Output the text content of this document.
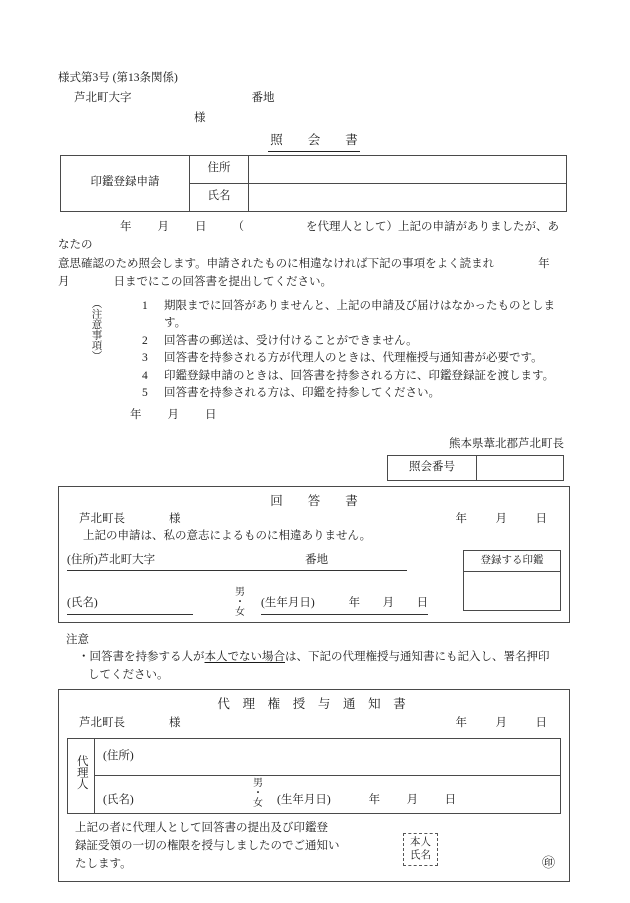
様式第3号 (第13条関係)
芦北町大字	番地
様
照　　会　　書
印鑑登録申請	住所	
	氏名	
年 月 日 （	を代理人として）上記の申請がありましたが、あなたの
意思確認のため照会します。申請されたものに相違なければ下記の事項をよく読まれ	年
月	日までにこの回答書を提出してください。
（注意事項）	1	期限までに回答がありませんと、上記の申請及び届けはなかったものとします。
2	回答書の郵送は、受け付けることができません。
3	回答書を持参される方が代理人のときは、代理権授与通知書が必要です。
4	印鑑登録申請のときは、回答書を持参される方に、印鑑登録証を渡します。
5	回答書を持参される方は、印鑑を持参してください。
年 月 日
熊本県葦北郡芦北町長
照会番号	
回　　答　　書
芦北町長	様	年 月 日
上記の申請は、私の意志によるものに相違ありません。
(住所)芦北町大字	番地
(氏名)
男
・
女
(生年月日)	年 月 日
登録する印鑑
注意
・回答書を持参する人が本人でない場合は、下記の代理権授与通知書にも記入し、署名押印
してください。
代 理 権 授 与 通 知 書
芦北町長	様	年 月 日
代理人	(住所)

(氏名)
男
・
女 (生年月日)	年 月 日
上記の者に代理人として回答書の提出及び印鑑登
録証受領の一切の権限を授与しましたのでご通知い
たします。
本人
氏名	㊞
